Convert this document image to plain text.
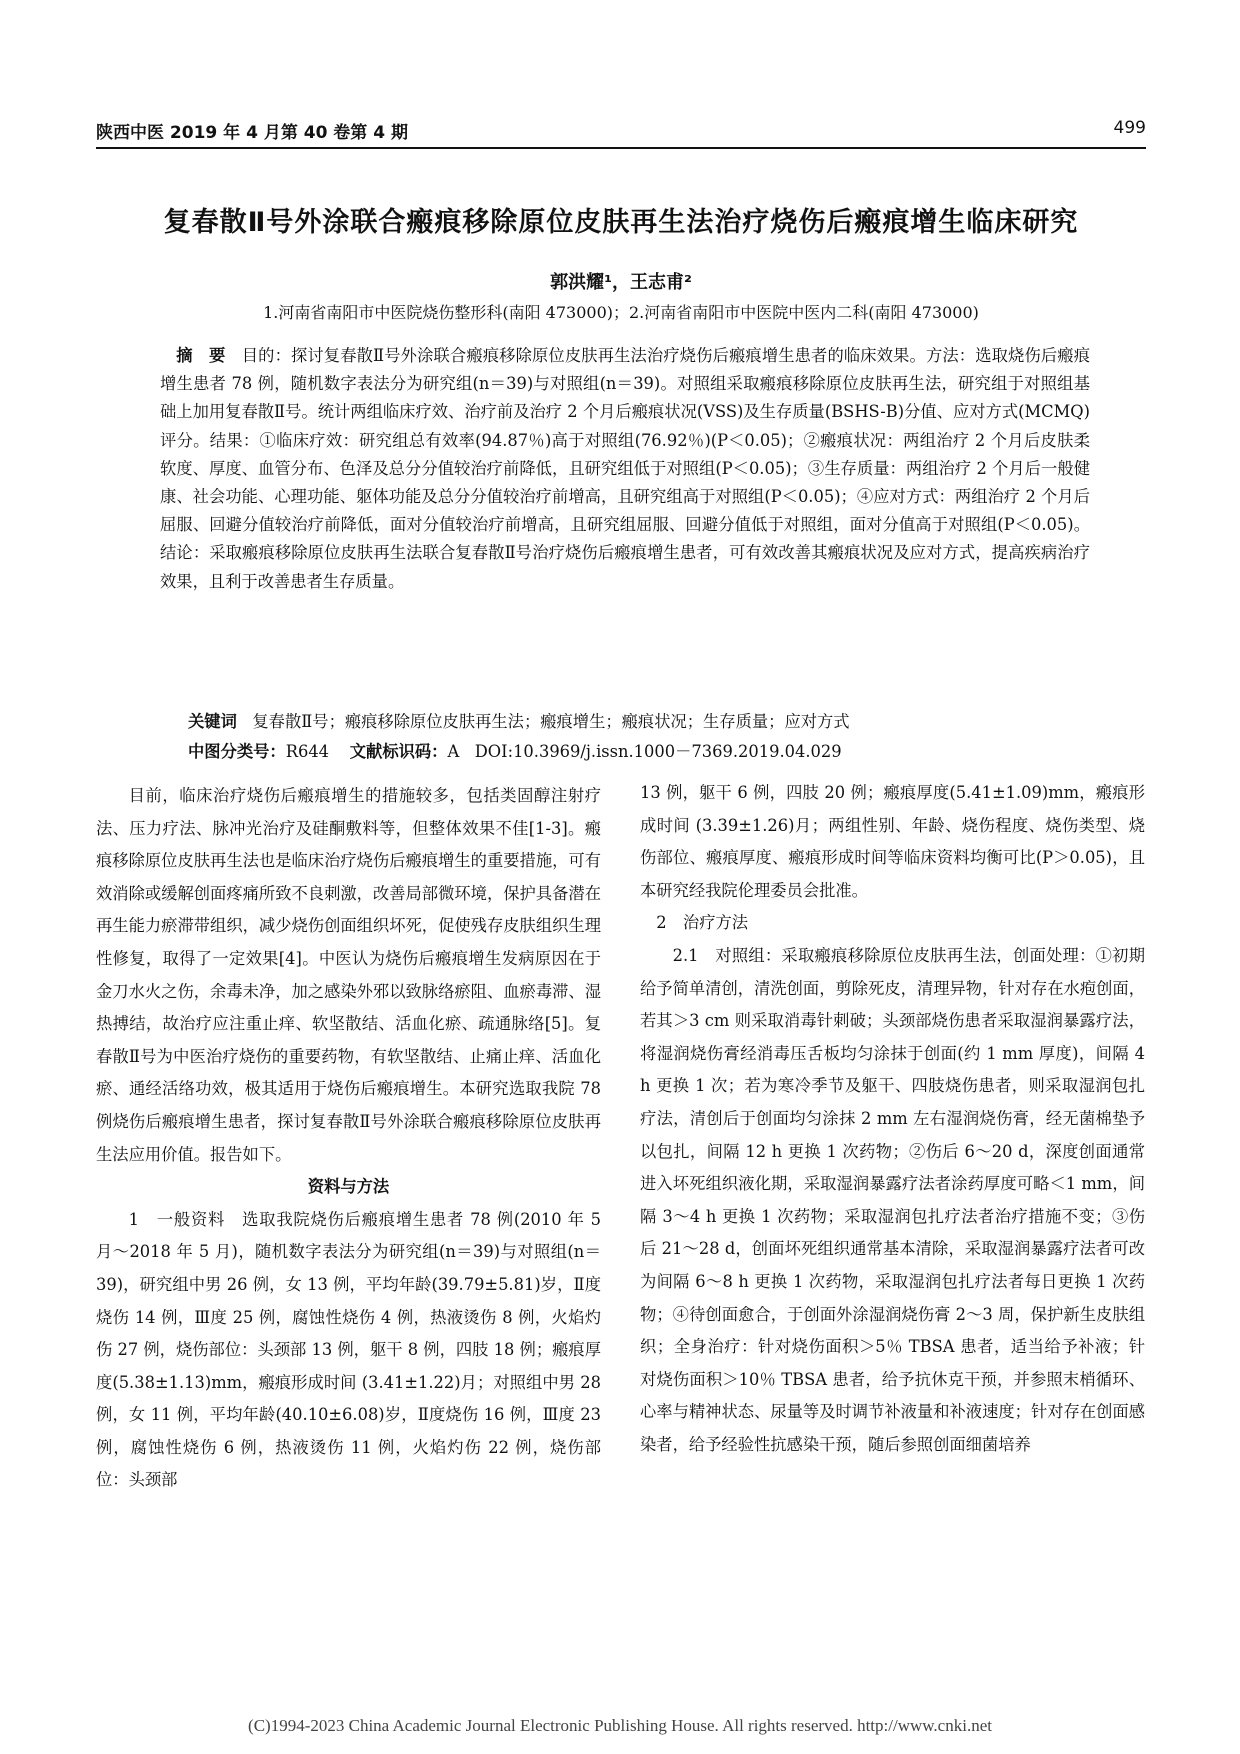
陕西中医 2019 年 4 月第 40 卷第 4 期	499
复春散Ⅱ号外涂联合瘢痕移除原位皮肤再生法治疗烧伤后瘢痕增生临床研究
郭洪耀¹，王志甫²
1.河南省南阳市中医院烧伤整形科(南阳 473000)；2.河南省南阳市中医院中医内二科(南阳 473000)
摘要目的：探讨复春散Ⅱ号外涂联合瘢痕移除原位皮肤再生法治疗烧伤后瘢痕增生患者的临床效果。方法：选取烧伤后瘢痕增生患者 78 例，随机数字表法分为研究组(n＝39)与对照组(n＝39)。对照组采取瘢痕移除原位皮肤再生法，研究组于对照组基础上加用复春散Ⅱ号。统计两组临床疗效、治疗前及治疗 2 个月后瘢痕状况(VSS)及生存质量(BSHS-B)分值、应对方式(MCMQ)评分。结果：①临床疗效：研究组总有效率(94.87％)高于对照组(76.92％)(P＜0.05)；②瘢痕状况：两组治疗 2 个月后皮肤柔软度、厚度、血管分布、色泽及总分分值较治疗前降低，且研究组低于对照组(P＜0.05)；③生存质量：两组治疗 2 个月后一般健康、社会功能、心理功能、躯体功能及总分分值较治疗前增高，且研究组高于对照组(P＜0.05)；④应对方式：两组治疗 2 个月后屈服、回避分值较治疗前降低，面对分值较治疗前增高，且研究组屈服、回避分值低于对照组，面对分值高于对照组(P＜0.05)。结论：采取瘢痕移除原位皮肤再生法联合复春散Ⅱ号治疗烧伤后瘢痕增生患者，可有效改善其瘢痕状况及应对方式，提高疾病治疗效果，且利于改善患者生存质量。
关键词 复春散Ⅱ号；瘢痕移除原位皮肤再生法；瘢痕增生；瘢痕状况；生存质量；应对方式
中图分类号：R644 文献标识码：A DOI:10.3969/j.issn.1000－7369.2019.04.029

目前，临床治疗烧伤后瘢痕增生的措施较多，包括类固醇注射疗法、压力疗法、脉冲光治疗及硅酮敷料等，但整体效果不佳[1-3]。瘢痕移除原位皮肤再生法也是临床治疗烧伤后瘢痕增生的重要措施，可有效消除或缓解创面疼痛所致不良刺激，改善局部微环境，保护具备潜在再生能力瘀滞带组织，减少烧伤创面组织坏死，促使残存皮肤组织生理性修复，取得了一定效果[4]。中医认为烧伤后瘢痕增生发病原因在于金刀水火之伤，余毒未净，加之感染外邪以致脉络瘀阻、血瘀毒滞、湿热搏结，故治疗应注重止痒、软坚散结、活血化瘀、疏通脉络[5]。复春散Ⅱ号为中医治疗烧伤的重要药物，有软坚散结、止痛止痒、活血化瘀、通经活络功效，极其适用于烧伤后瘢痕增生。本研究选取我院 78 例烧伤后瘢痕增生患者，探讨复春散Ⅱ号外涂联合瘢痕移除原位皮肤再生法应用价值。报告如下。

资料与方法

1　一般资料　选取我院烧伤后瘢痕增生患者 78 例(2010 年 5 月～2018 年 5 月)，随机数字表法分为研究组(n＝39)与对照组(n＝39)，研究组中男 26 例，女 13 例，平均年龄(39.79±5.81)岁，Ⅱ度烧伤 14 例，Ⅲ度 25 例，腐蚀性烧伤 4 例，热液烫伤 8 例，火焰灼伤 27 例，烧伤部位：头颈部 13 例，躯干 8 例，四肢 18 例；瘢痕厚度(5.38±1.13)mm，瘢痕形成时间 (3.41±1.22)月；对照组中男 28 例，女 11 例，平均年龄(40.10±6.08)岁，Ⅱ度烧伤 16 例，Ⅲ度 23 例，腐蚀性烧伤 6 例，热液烫伤 11 例，火焰灼伤 22 例，烧伤部位：头颈部

13 例，躯干 6 例，四肢 20 例；瘢痕厚度(5.41±1.09)mm，瘢痕形成时间 (3.39±1.26)月；两组性别、年龄、烧伤程度、烧伤类型、烧伤部位、瘢痕厚度、瘢痕形成时间等临床资料均衡可比(P＞0.05)，且本研究经我院伦理委员会批准。

2　治疗方法

2.1　对照组：采取瘢痕移除原位皮肤再生法，创面处理：①初期给予简单清创，清洗创面，剪除死皮，清理异物，针对存在水疱创面，若其＞3 cm 则采取消毒针刺破；头颈部烧伤患者采取湿润暴露疗法，将湿润烧伤膏经消毒压舌板均匀涂抹于创面(约 1 mm 厚度)，间隔 4 h 更换 1 次；若为寒冷季节及躯干、四肢烧伤患者，则采取湿润包扎疗法，清创后于创面均匀涂抹 2 mm 左右湿润烧伤膏，经无菌棉垫予以包扎，间隔 12 h 更换 1 次药物；②伤后 6～20 d，深度创面通常进入坏死组织液化期，采取湿润暴露疗法者涂药厚度可略＜1 mm，间隔 3～4 h 更换 1 次药物；采取湿润包扎疗法者治疗措施不变；③伤后 21～28 d，创面坏死组织通常基本清除，采取湿润暴露疗法者可改为间隔 6～8 h 更换 1 次药物，采取湿润包扎疗法者每日更换 1 次药物；④待创面愈合，于创面外涂湿润烧伤膏 2～3 周，保护新生皮肤组织；全身治疗：针对烧伤面积＞5％ TBSA 患者，适当给予补液；针对烧伤面积＞10％ TBSA 患者，给予抗休克干预，并参照末梢循环、心率与精神状态、尿量等及时调节补液量和补液速度；针对存在创面感染者，给予经验性抗感染干预，随后参照创面细菌培养

(C)1994-2023 China Academic Journal Electronic Publishing House. All rights reserved. http://www.cnki.net
